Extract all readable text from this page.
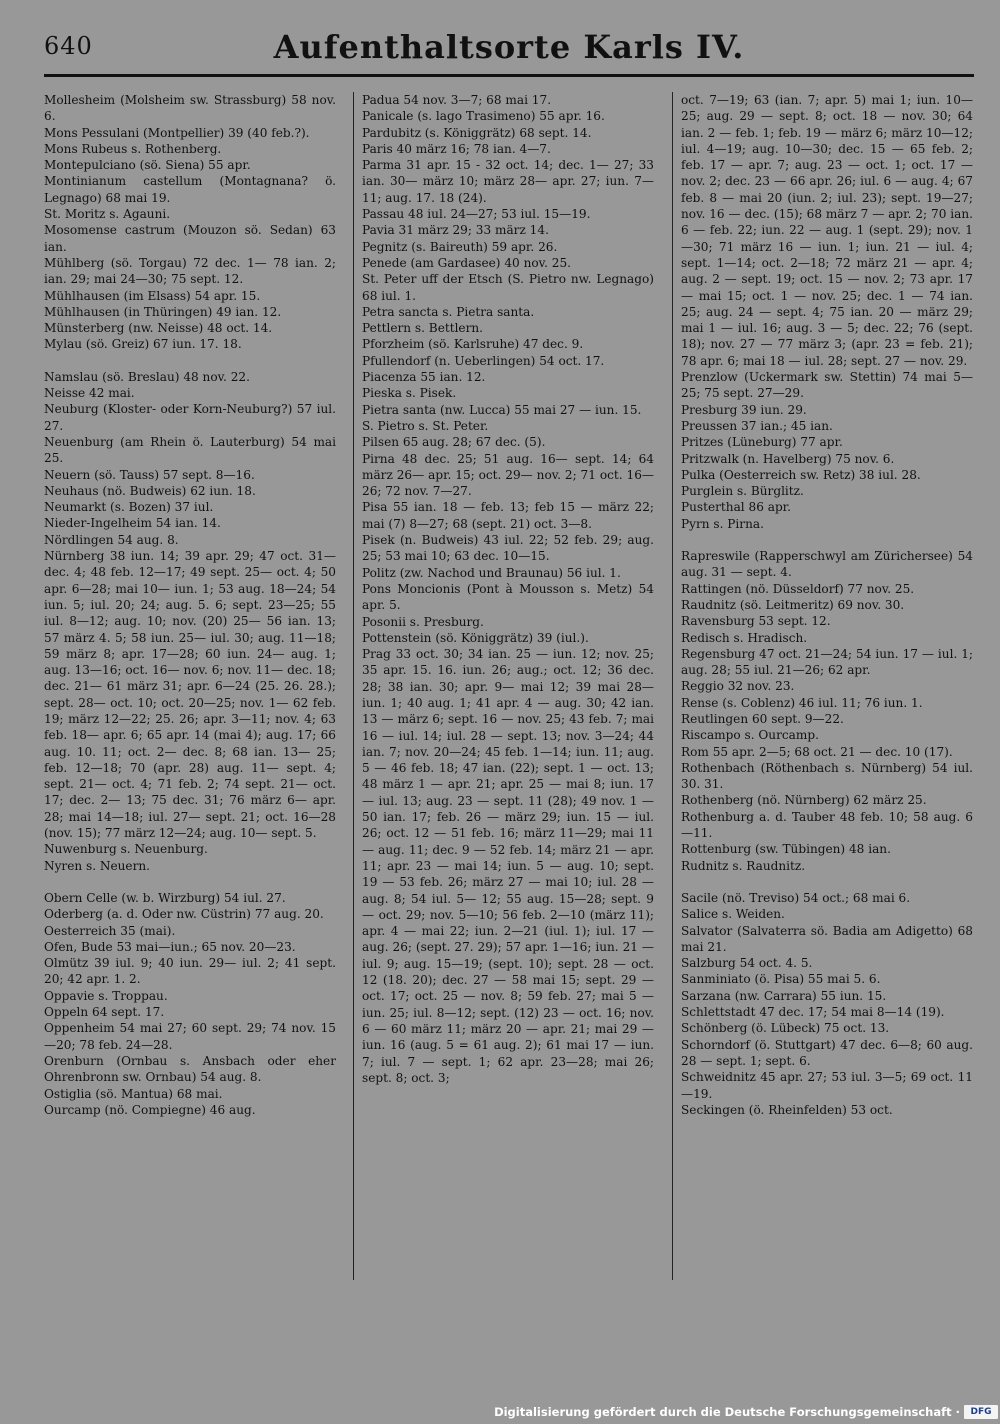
640	Aufenthaltsorte Karls IV.
Mollesheim (Molsheim sw. Strassburg) 58 nov. 6.
Mons Pessulani (Montpellier) 39 (40 feb.?).
Mons Rubeus s. Rothenberg.
Montepulciano (sö. Siena) 55 apr.
Montinianum castellum (Montagnana? ö. Legnago) 68 mai 19.
St. Moritz s. Agauni.
Mosomense castrum (Mouzon sö. Sedan) 63 ian.
Mühlberg (sö. Torgau) 72 dec. 1— 78 ian. 2; ian. 29; mai 24—30; 75 sept. 12.
Mühlhausen (im Elsass) 54 apr. 15.
Mühlhausen (in Thüringen) 49 ian. 12.
Münsterberg (nw. Neisse) 48 oct. 14.
Mylau (sö. Greiz) 67 iun. 17. 18.
Namslau (sö. Breslau) 48 nov. 22.
Neisse 42 mai.
Neuburg (Kloster- oder Korn-Neuburg?) 57 iul. 27.
Neuenburg (am Rhein ö. Lauterburg) 54 mai 25.
Neuern (sö. Tauss) 57 sept. 8—16.
Neuhaus (nö. Budweis) 62 iun. 18.
Neumarkt (s. Bozen) 37 iul.
Nieder-Ingelheim 54 ian. 14.
Nördlingen 54 aug. 8.
Nürnberg 38 iun. 14; 39 apr. 29; 47 oct. 31— dec. 4; 48 feb. 12—17; 49 sept. 25— oct. 4; 50 apr. 6—28; mai 10— iun. 1; 53 aug. 18—24; 54 iun. 5; iul. 20; 24; aug. 5. 6; sept. 23—25; 55 iul. 8—12; aug. 10; nov. (20) 25— 56 ian. 13; 57 märz 4. 5; 58 iun. 25— iul. 30; aug. 11—18; 59 märz 8; apr. 17—28; 60 iun. 24— aug. 1; aug. 13—16; oct. 16— nov. 6; nov. 11— dec. 18; dec. 21— 61 märz 31; apr. 6—24 (25. 26. 28.); sept. 28— oct. 10; oct. 20—25; nov. 1— 62 feb. 19; märz 12—22; 25. 26; apr. 3—11; nov. 4; 63 feb. 18— apr. 6; 65 apr. 14 (mai 4); aug. 17; 66 aug. 10. 11; oct. 2— dec. 8; 68 ian. 13— 25; feb. 12—18; 70 (apr. 28) aug. 11— sept. 4; sept. 21— oct. 4; 71 feb. 2; 74 sept. 21— oct. 17; dec. 2— 13; 75 dec. 31; 76 märz 6— apr. 28; mai 14—18; iul. 27— sept. 21; oct. 16—28 (nov. 15); 77 märz 12—24; aug. 10— sept. 5.
Nuwenburg s. Neuenburg.
Nyren s. Neuern.
Obern Celle (w. b. Wirzburg) 54 iul. 27.
Oderberg (a. d. Oder nw. Cüstrin) 77 aug. 20.
Oesterreich 35 (mai).
Ofen, Bude 53 mai—iun.; 65 nov. 20—23.
Olmütz 39 iul. 9; 40 iun. 29— iul. 2; 41 sept. 20; 42 apr. 1. 2.
Oppavie s. Troppau.
Oppeln 64 sept. 17.
Oppenheim 54 mai 27; 60 sept. 29; 74 nov. 15—20; 78 feb. 24—28.
Orenburn (Ornbau s. Ansbach oder eher Ohrenbronn sw. Ornbau) 54 aug. 8.
Ostiglia (sö. Mantua) 68 mai.
Ourcamp (nö. Compiegne) 46 aug.
Padua 54 nov. 3—7; 68 mai 17.
Panicale (s. lago Trasimeno) 55 apr. 16.
Pardubitz (s. Königgrätz) 68 sept. 14.
Paris 40 märz 16; 78 ian. 4—7.
Parma 31 apr. 15 - 32 oct. 14; dec. 1— 27; 33 ian. 30— märz 10; märz 28— apr. 27; iun. 7—11; aug. 17. 18 (24).
Passau 48 iul. 24—27; 53 iul. 15—19.
Pavia 31 märz 29; 33 märz 14.
Pegnitz (s. Baireuth) 59 apr. 26.
Penede (am Gardasee) 40 nov. 25.
St. Peter uff der Etsch (S. Pietro nw. Legnago) 68 iul. 1.
Petra sancta s. Pietra santa.
Pettlern s. Bettlern.
Pforzheim (sö. Karlsruhe) 47 dec. 9.
Pfullendorf (n. Ueberlingen) 54 oct. 17.
Piacenza 55 ian. 12.
Pieska s. Pisek.
Pietra santa (nw. Lucca) 55 mai 27 — iun. 15.
S. Pietro s. St. Peter.
Pilsen 65 aug. 28; 67 dec. (5).
Pirna 48 dec. 25; 51 aug. 16— sept. 14; 64 märz 26— apr. 15; oct. 29— nov. 2; 71 oct. 16—26; 72 nov. 7—27.
Pisa 55 ian. 18 — feb. 13; feb 15 — märz 22; mai (7) 8—27; 68 (sept. 21) oct. 3—8.
Pisek (n. Budweis) 43 iul. 22; 52 feb. 29; aug. 25; 53 mai 10; 63 dec. 10—15.
Politz (zw. Nachod und Braunau) 56 iul. 1.
Pons Moncionis (Pont à Mousson s. Metz) 54 apr. 5.
Posonii s. Presburg.
Pottenstein (sö. Königgrätz) 39 (iul.).
Prag 33 oct. 30; 34 ian. 25 — iun. 12; nov. 25; 35 apr. 15. 16. iun. 26; aug.; oct. 12; 36 dec. 28; 38 ian. 30; apr. 9— mai 12; 39 mai 28— iun. 1; 40 aug. 1; 41 apr. 4 — aug. 30; 42 ian. 13 — märz 6; sept. 16 — nov. 25; 43 feb. 7; mai 16 — iul. 14; iul. 28 — sept. 13; nov. 3—24; 44 ian. 7; nov. 20—24; 45 feb. 1—14; iun. 11; aug. 5 — 46 feb. 18; 47 ian. (22); sept. 1 — oct. 13; 48 märz 1 — apr. 21; apr. 25 — mai 8; iun. 17 — iul. 13; aug. 23 — sept. 11 (28); 49 nov. 1 — 50 ian. 17; feb. 26 — märz 29; iun. 15 — iul. 26; oct. 12 — 51 feb. 16; märz 11—29; mai 11 — aug. 11; dec. 9 — 52 feb. 14; märz 21 — apr. 11; apr. 23 — mai 14; iun. 5 — aug. 10; sept. 19 — 53 feb. 26; märz 27 — mai 10; iul. 28 — aug. 8; 54 iul. 5— 12; 55 aug. 15—28; sept. 9 — oct. 29; nov. 5—10; 56 feb. 2—10 (märz 11); apr. 4 — mai 22; iun. 2—21 (iul. 1); iul. 17 — aug. 26; (sept. 27. 29); 57 apr. 1—16; iun. 21 — iul. 9; aug. 15—19; (sept. 10); sept. 28 — oct. 12 (18. 20); dec. 27 — 58 mai 15; sept. 29 — oct. 17; oct. 25 — nov. 8; 59 feb. 27; mai 5 — iun. 25; iul. 8—12; sept. (12) 23 — oct. 16; nov. 6 — 60 märz 11; märz 20 — apr. 21; mai 29 — iun. 16 (aug. 5 = 61 aug. 2); 61 mai 17 — iun. 7; iul. 7 — sept. 1; 62 apr. 23—28; mai 26; sept. 8; oct. 3;
oct. 7—19; 63 (ian. 7; apr. 5) mai 1; iun. 10—25; aug. 29 — sept. 8; oct. 18 — nov. 30; 64 ian. 2 — feb. 1; feb. 19 — märz 6; märz 10—12; iul. 4—19; aug. 10—30; dec. 15 — 65 feb. 2; feb. 17 — apr. 7; aug. 23 — oct. 1; oct. 17 — nov. 2; dec. 23 — 66 apr. 26; iul. 6 — aug. 4; 67 feb. 8 — mai 20 (iun. 2; iul. 23); sept. 19—27; nov. 16 — dec. (15); 68 märz 7 — apr. 2; 70 ian. 6 — feb. 22; iun. 22 — aug. 1 (sept. 29); nov. 1—30; 71 märz 16 — iun. 1; iun. 21 — iul. 4; sept. 1—14; oct. 2—18; 72 märz 21 — apr. 4; aug. 2 — sept. 19; oct. 15 — nov. 2; 73 apr. 17 — mai 15; oct. 1 — nov. 25; dec. 1 — 74 ian. 25; aug. 24 — sept. 4; 75 ian. 20 — märz 29; mai 1 — iul. 16; aug. 3 — 5; dec. 22; 76 (sept. 18); nov. 27 — 77 märz 3; (apr. 23 = feb. 21); 78 apr. 6; mai 18 — iul. 28; sept. 27 — nov. 29.
Prenzlow (Uckermark sw. Stettin) 74 mai 5—25; 75 sept. 27—29.
Presburg 39 iun. 29.
Preussen 37 ian.; 45 ian.
Pritzes (Lüneburg) 77 apr.
Pritzwalk (n. Havelberg) 75 nov. 6.
Pulka (Oesterreich sw. Retz) 38 iul. 28.
Purglein s. Bürglitz.
Pusterthal 86 apr.
Pyrn s. Pirna.
Rapreswile (Rapperschwyl am Zürichersee) 54 aug. 31 — sept. 4.
Rattingen (nö. Düsseldorf) 77 nov. 25.
Raudnitz (sö. Leitmeritz) 69 nov. 30.
Ravensburg 53 sept. 12.
Redisch s. Hradisch.
Regensburg 47 oct. 21—24; 54 iun. 17 — iul. 1; aug. 28; 55 iul. 21—26; 62 apr.
Reggio 32 nov. 23.
Rense (s. Coblenz) 46 iul. 11; 76 iun. 1.
Reutlingen 60 sept. 9—22.
Riscampo s. Ourcamp.
Rom 55 apr. 2—5; 68 oct. 21 — dec. 10 (17).
Rothenbach (Röthenbach s. Nürnberg) 54 iul. 30. 31.
Rothenberg (nö. Nürnberg) 62 märz 25.
Rothenburg a. d. Tauber 48 feb. 10; 58 aug. 6—11.
Rottenburg (sw. Tübingen) 48 ian.
Rudnitz s. Raudnitz.
Sacile (nö. Treviso) 54 oct.; 68 mai 6.
Salice s. Weiden.
Salvator (Salvaterra sö. Badia am Adigetto) 68 mai 21.
Salzburg 54 oct. 4. 5.
Sanminiato (ö. Pisa) 55 mai 5. 6.
Sarzana (nw. Carrara) 55 iun. 15.
Schlettstadt 47 dec. 17; 54 mai 8—14 (19).
Schönberg (ö. Lübeck) 75 oct. 13.
Schorndorf (ö. Stuttgart) 47 dec. 6—8; 60 aug. 28 — sept. 1; sept. 6.
Schweidnitz 45 apr. 27; 53 iul. 3—5; 69 oct. 11—19.
Seckingen (ö. Rheinfelden) 53 oct.
Digitalisierung gefördert durch die Deutsche Forschungsgemeinschaft ·	DFG
